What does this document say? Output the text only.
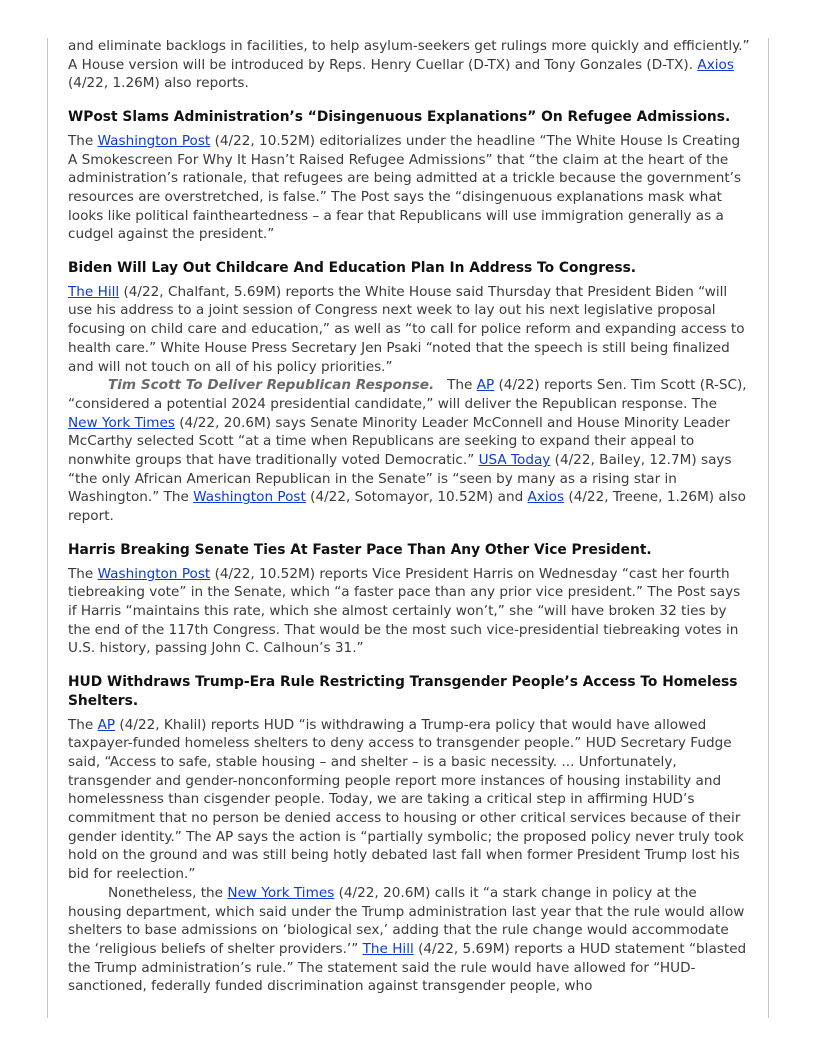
and eliminate backlogs in facilities, to help asylum-seekers get rulings more quickly and efficiently.” A House version will be introduced by Reps. Henry Cuellar (D-TX) and Tony Gonzales (D-TX). Axios (4/22, 1.26M) also reports.

WPost Slams Administration’s “Disingenuous Explanations” On Refugee Admissions.

The Washington Post (4/22, 10.52M) editorializes under the headline “The White House Is Creating A Smokescreen For Why It Hasn’t Raised Refugee Admissions” that “the claim at the heart of the administration’s rationale, that refugees are being admitted at a trickle because the government’s resources are overstretched, is false.” The Post says the “disingenuous explanations mask what looks like political faintheartedness – a fear that Republicans will use immigration generally as a cudgel against the president.”

Biden Will Lay Out Childcare And Education Plan In Address To Congress.

The Hill (4/22, Chalfant, 5.69M) reports the White House said Thursday that President Biden “will use his address to a joint session of Congress next week to lay out his next legislative proposal focusing on child care and education,” as well as “to call for police reform and expanding access to health care.” White House Press Secretary Jen Psaki “noted that the speech is still being finalized and will not touch on all of his policy priorities.”

Tim Scott To Deliver Republican Response.   The AP (4/22) reports Sen. Tim Scott (R-SC), “considered a potential 2024 presidential candidate,” will deliver the Republican response. The New York Times (4/22, 20.6M) says Senate Minority Leader McConnell and House Minority Leader McCarthy selected Scott “at a time when Republicans are seeking to expand their appeal to nonwhite groups that have traditionally voted Democratic.” USA Today (4/22, Bailey, 12.7M) says “the only African American Republican in the Senate” is “seen by many as a rising star in Washington.” The Washington Post (4/22, Sotomayor, 10.52M) and Axios (4/22, Treene, 1.26M) also report.

Harris Breaking Senate Ties At Faster Pace Than Any Other Vice President.

The Washington Post (4/22, 10.52M) reports Vice President Harris on Wednesday “cast her fourth tiebreaking vote” in the Senate, which “a faster pace than any prior vice president.” The Post says if Harris “maintains this rate, which she almost certainly won’t,” she “will have broken 32 ties by the end of the 117th Congress. That would be the most such vice-presidential tiebreaking votes in U.S. history, passing John C. Calhoun’s 31.”

HUD Withdraws Trump-Era Rule Restricting Transgender People’s Access To Homeless Shelters.

The AP (4/22, Khalil) reports HUD “is withdrawing a Trump-era policy that would have allowed taxpayer-funded homeless shelters to deny access to transgender people.” HUD Secretary Fudge said, “Access to safe, stable housing – and shelter – is a basic necessity. ... Unfortunately, transgender and gender-nonconforming people report more instances of housing instability and homelessness than cisgender people. Today, we are taking a critical step in affirming HUD’s commitment that no person be denied access to housing or other critical services because of their gender identity.” The AP says the action is “partially symbolic; the proposed policy never truly took hold on the ground and was still being hotly debated last fall when former President Trump lost his bid for reelection.”

Nonetheless, the New York Times (4/22, 20.6M) calls it “a stark change in policy at the housing department, which said under the Trump administration last year that the rule would allow shelters to base admissions on ‘biological sex,’ adding that the rule change would accommodate the ‘religious beliefs of shelter providers.’” The Hill (4/22, 5.69M) reports a HUD statement “blasted the Trump administration’s rule.” The statement said the rule would have allowed for “HUD- sanctioned, federally funded discrimination against transgender people, who
